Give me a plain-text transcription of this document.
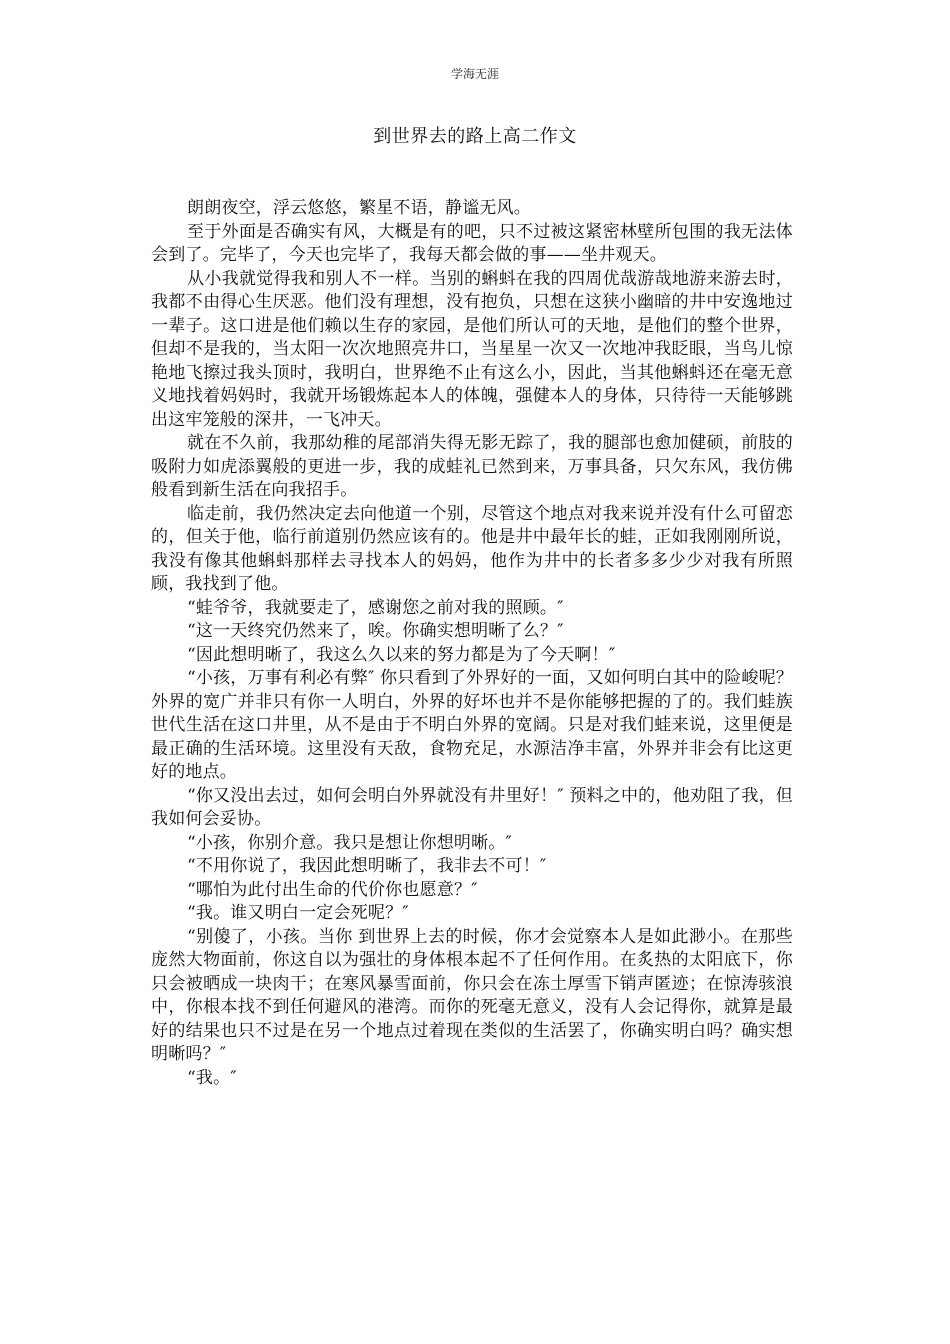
学海无涯
到世界去的路上高二作文

朗朗夜空，浮云悠悠，繁星不语，静谧无风。

至于外面是否确实有风，大概是有的吧，只不过被这紧密林壁所包围的我无法体会到了。完毕了，今天也完毕了，我每天都会做的事——坐井观天。

从小我就觉得我和别人不一样。当别的蝌蚪在我的四周优哉游哉地游来游去时，我都不由得心生厌恶。他们没有理想，没有抱负，只想在这狭小幽暗的井中安逸地过一辈子。这口进是他们赖以生存的家园，是他们所认可的天地，是他们的整个世界，但却不是我的，当太阳一次次地照亮井口，当星星一次又一次地冲我眨眼，当鸟儿惊艳地飞擦过我头顶时，我明白，世界绝不止有这么小，因此，当其他蝌蚪还在毫无意义地找着妈妈时，我就开场锻炼起本人的体魄，强健本人的身体，只待待一天能够跳出这牢笼般的深井，一飞冲天。

就在不久前，我那幼稚的尾部消失得无影无踪了，我的腿部也愈加健硕，前肢的吸附力如虎添翼般的更进一步，我的成蛙礼已然到来，万事具备，只欠东风，我仿佛般看到新生活在向我招手。

临走前，我仍然决定去向他道一个别，尽管这个地点对我来说并没有什么可留恋的，但关于他，临行前道别仍然应该有的。他是井中最年长的蛙，正如我刚刚所说，我没有像其他蝌蚪那样去寻找本人的妈妈，他作为井中的长者多多少少对我有所照顾，我找到了他。

“蛙爷爷，我就要走了，感谢您之前对我的照顾。″

“这一天终究仍然来了，唉。你确实想明晰了么？″

“因此想明晰了，我这么久以来的努力都是为了今天啊！″

“小孩，万事有利必有弊″ 你只看到了外界好的一面，又如何明白其中的险峻呢？外界的宽广并非只有你一人明白，外界的好坏也并不是你能够把握的了的。我们蛙族世代生活在这口井里，从不是由于不明白外界的宽阔。只是对我们蛙来说，这里便是最正确的生活环境。这里没有天敌，食物充足，水源洁净丰富，外界并非会有比这更好的地点。

“你又没出去过，如何会明白外界就没有井里好！″ 预料之中的，他劝阻了我，但我如何会妥协。

“小孩，你别介意。我只是想让你想明晰。″

“不用你说了，我因此想明晰了，我非去不可！″

“哪怕为此付出生命的代价你也愿意？″

“我。谁又明白一定会死呢？″

“别傻了，小孩。当你 到世界上去的时候，你才会觉察本人是如此渺小。在那些庞然大物面前，你这自以为强壮的身体根本起不了任何作用。在炙热的太阳底下，你只会被晒成一块肉干；在寒风暴雪面前，你只会在冻土厚雪下销声匿迹；在惊涛骇浪中，你根本找不到任何避风的港湾。而你的死毫无意义，没有人会记得你，就算是最好的结果也只不过是在另一个地点过着现在类似的生活罢了，你确实明白吗？确实想明晰吗？″

“我。″
